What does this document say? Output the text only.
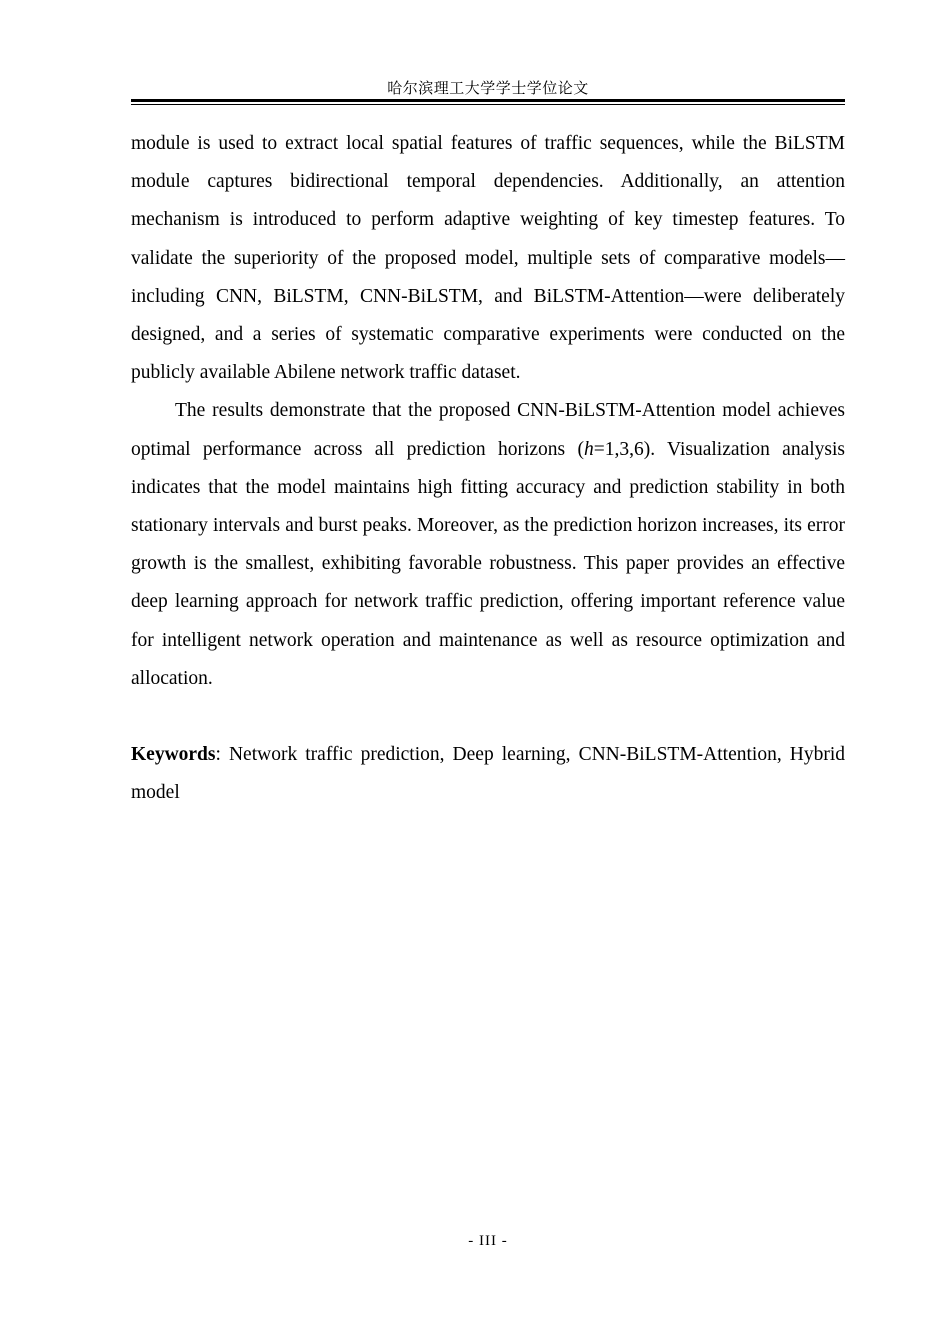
哈尔滨理工大学学士学位论文

module is used to extract local spatial features of traffic sequences, while the BiLSTM module captures bidirectional temporal dependencies. Additionally, an attention mechanism is introduced to perform adaptive weighting of key timestep features. To validate the superiority of the proposed model, multiple sets of comparative models—including CNN, BiLSTM, CNN-BiLSTM, and BiLSTM-Attention—were deliberately designed, and a series of systematic comparative experiments were conducted on the publicly available Abilene network traffic dataset.

The results demonstrate that the proposed CNN-BiLSTM-Attention model achieves optimal performance across all prediction horizons (h=1,3,6). Visualization analysis indicates that the model maintains high fitting accuracy and prediction stability in both stationary intervals and burst peaks. Moreover, as the prediction horizon increases, its error growth is the smallest, exhibiting favorable robustness. This paper provides an effective deep learning approach for network traffic prediction, offering important reference value for intelligent network operation and maintenance as well as resource optimization and allocation.

Keywords: Network traffic prediction, Deep learning, CNN-BiLSTM-Attention, Hybrid model

- III -
